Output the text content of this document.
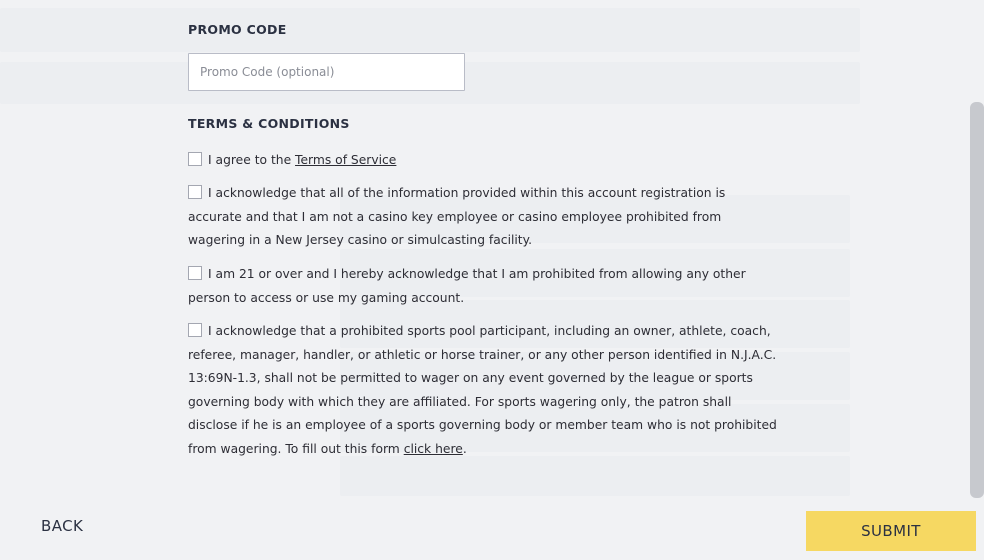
PROMO CODE
Promo Code (optional)
TERMS & CONDITIONS
I agree to the Terms of Service
I acknowledge that all of the information provided within this account registration is accurate and that I am not a casino key employee or casino employee prohibited from wagering in a New Jersey casino or simulcasting facility.
I am 21 or over and I hereby acknowledge that I am prohibited from allowing any other person to access or use my gaming account.
I acknowledge that a prohibited sports pool participant, including an owner, athlete, coach, referee, manager, handler, or athletic or horse trainer, or any other person identified in N.J.A.C. 13:69N-1.3, shall not be permitted to wager on any event governed by the league or sports governing body with which they are affiliated. For sports wagering only, the patron shall disclose if he is an employee of a sports governing body or member team who is not prohibited from wagering. To fill out this form click here.
BACK	SUBMIT
